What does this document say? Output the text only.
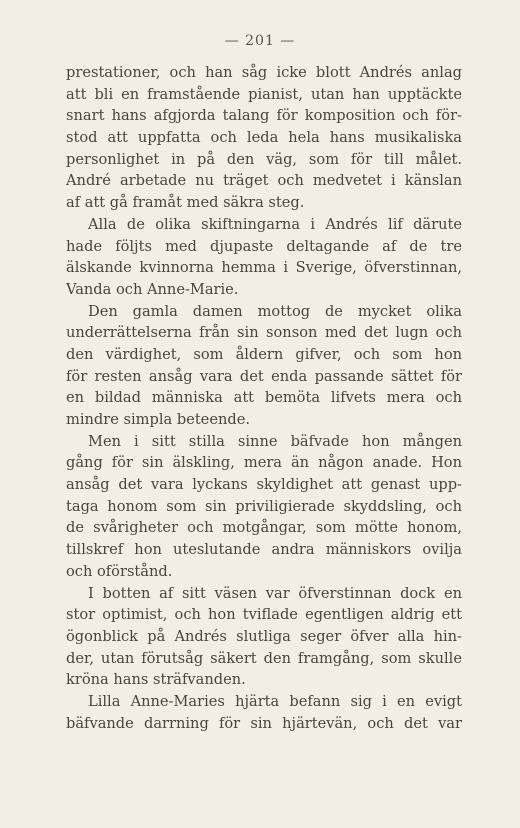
— 201 —
prestationer, och han såg icke blott Andrés anlag
att bli en framstående pianist, utan han upptäckte
snart hans afgjorda talang för komposition och för-
stod att uppfatta och leda hela hans musikaliska
personlighet in på den väg, som för till målet.
André arbetade nu träget och medvetet i känslan
af att gå framåt med säkra steg.
Alla de olika skiftningarna i Andrés lif därute
hade följts med djupaste deltagande af de tre
älskande kvinnorna hemma i Sverige, öfverstinnan,
Vanda och Anne-Marie.
Den gamla damen mottog de mycket olika
underrättelserna från sin sonson med det lugn och
den värdighet, som åldern gifver, och som hon
för resten ansåg vara det enda passande sättet för
en bildad människa att bemöta lifvets mera och
mindre simpla beteende.
Men i sitt stilla sinne bäfvade hon mången
gång för sin älskling, mera än någon anade. Hon
ansåg det vara lyckans skyldighet att genast upp-
taga honom som sin priviligierade skyddsling, och
de svårigheter och motgångar, som mötte honom,
tillskref hon uteslutande andra människors ovilja
och oförstånd.
I botten af sitt väsen var öfverstinnan dock en
stor optimist, och hon tviflade egentligen aldrig ett
ögonblick på Andrés slutliga seger öfver alla hin-
der, utan förutsåg säkert den framgång, som skulle
kröna hans sträfvanden.
Lilla Anne-Maries hjärta befann sig i en evigt
bäfvande darrning för sin hjärtevän, och det var
